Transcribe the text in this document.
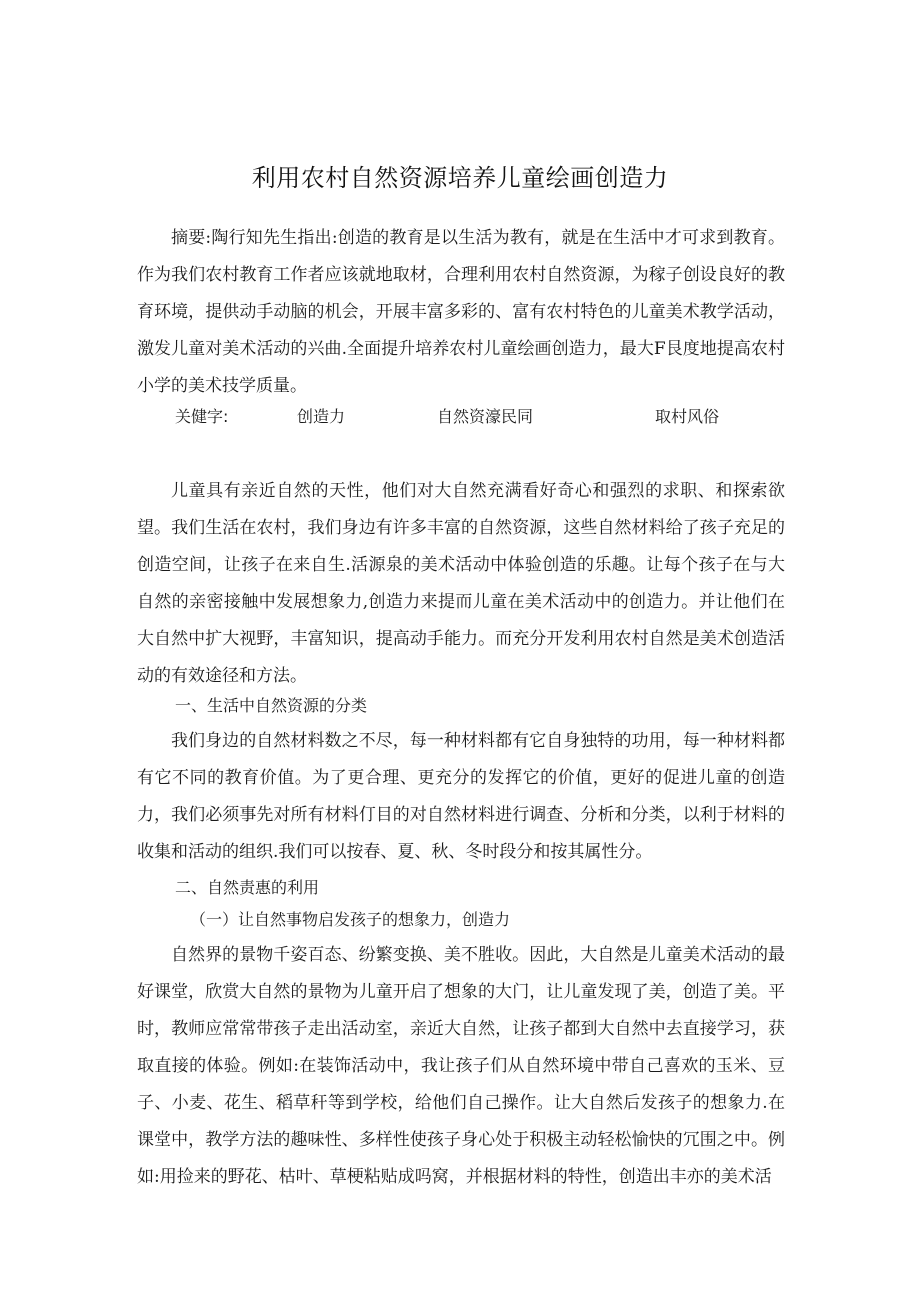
利用农村自然资源培养儿童绘画创造力

摘要:陶行知先生指出:创造的教育是以生活为教有，就是在生活中才可求到教育。作为我们农村教育工作者应该就地取材，合理利用农村自然资源，为稼子创设良好的教育环境，提供动手动脑的机会，开展丰富多彩的、富有农村特色的儿童美术教学活动，激发儿童对美术活动的兴曲.全面提升培养农村儿童绘画创造力，最大F艮度地提高农村小学的美术技学质量。

关健字:	创造力	自然资濠民同	取村风俗

儿童具有亲近自然的天性，他们对大自然充满看好奇心和强烈的求职、和探索欲望。我们生活在农村，我们身边有许多丰富的自然资源，这些自然材料给了孩子充足的创造空间，让孩子在来自生.活源泉的美术活动中体验创造的乐趣。让每个孩子在与大自然的亲密接触中发展想象力,创造力来提而儿童在美术活动中的创造力。并让他们在大自然中扩大视野，丰富知识，提高动手能力。而充分开发利用农村自然是美术创造活动的有效途径和方法。

一、生活中自然资源的分类

我们身边的自然材料数之不尽，每一种材料都有它自身独特的功用，每一种材料都有它不同的教育价值。为了更合理、更充分的发挥它的价值，更好的促进儿童的创造力，我们必须事先对所有材料仃目的对自然材料进行调查、分析和分类，以利于材料的收集和活动的组织.我们可以按春、夏、秋、冬时段分和按其属性分。

二、自然责惠的利用
（一）让自然事物启发孩子的想象力，创造力

自然界的景物千姿百态、纷繁变换、美不胜收。因此，大自然是儿童美术活动的最好课堂，欣赏大自然的景物为儿童开启了想象的大门，让儿童发现了美，创造了美。平时，教师应常常带孩子走出活动室，亲近大自然，让孩子都到大自然中去直接学习，获取直接的体验。例如:在装饰活动中，我让孩子们从自然环境中带自己喜欢的玉米、豆子、小麦、花生、稻草秆等到学校，给他们自己操作。让大自然后发孩子的想象力.在课堂中，教学方法的趣味性、多样性使孩子身心处于积极主动轻松愉快的冗围之中。例如:用捡来的野花、枯叶、草梗粘贴成吗窝，并根据材料的特性，创造出丰亦的美术活
